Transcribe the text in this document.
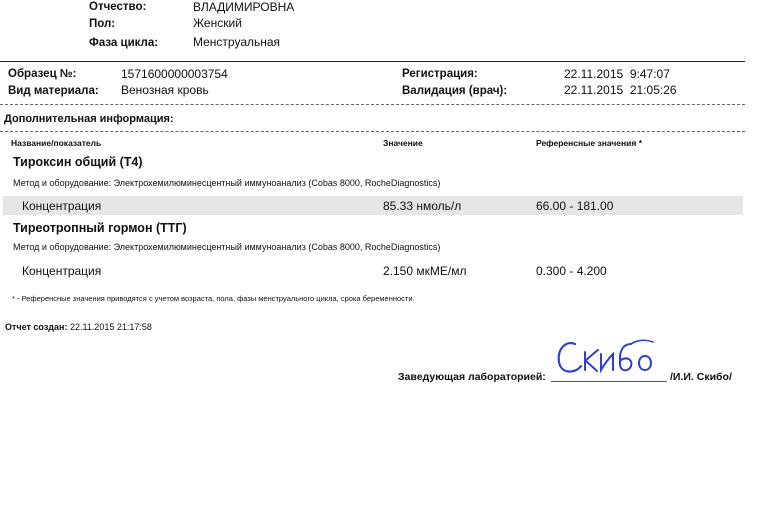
Отчество:	ВЛАДИМИРОВНА
Пол:	Женский
Фаза цикла:	Менструальная
Образец №:	1571600000003754
Вид материала: Венозная кровь
Регистрация:	22.11.2015  9:47:07
Валидация (врач):	22.11.2015  21:05:26
Дополнительная информация:
Название/показатель	Значение	Референсные значения *
Тироксин общий (Т4)
Метод и оборудование: Электрохемилюминесцентный иммуноанализ (Cobas 8000, RocheDiagnostics)
Концентрация	85.33 нмоль/л	66.00 - 181.00
Тиреотропный гормон (ТТГ)
Метод и оборудование: Электрохемилюминесцентный иммуноанализ (Cobas 8000, RocheDiagnostics)
Концентрация	2.150 мкМЕ/мл	0.300 - 4.200
* - Референсные значения приводятся с учетом возраста, пола, фазы менструального цикла, срока беременности.
Отчет создан: 22.11.2015 21:17:58
Заведующая лабораторией:	/И.И. Скибо/
